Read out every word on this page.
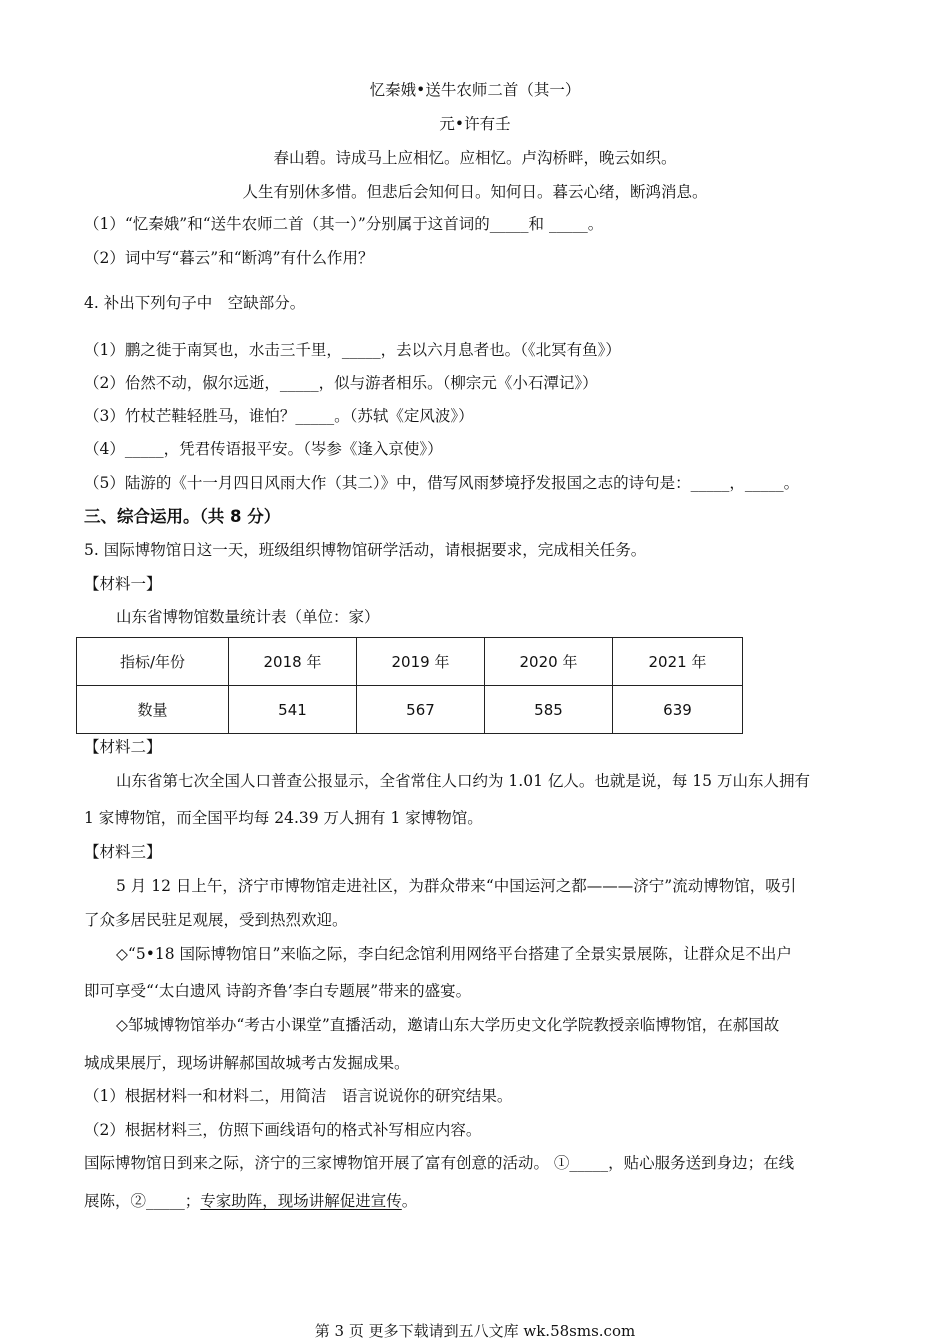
忆秦娥•送牛农师二首（其一）
元•许有壬
春山碧。诗成马上应相忆。应相忆。卢沟桥畔，晚云如织。
人生有别休多惜。但悲后会知何日。知何日。暮云心绪，断鸿消息。
（1）“忆秦娥”和“送牛农师二首（其一）”分别属于这首词的_____和 _____。
（2）词中写“暮云”和“断鸿”有什么作用？
4. 补出下列句子中　空缺部分。
（1）鹏之徙于南冥也，水击三千里，_____，去以六月息者也。（《北冥有鱼》）
（2）佁然不动，俶尔远逝，_____，似与游者相乐。（柳宗元《小石潭记》）
（3）竹杖芒鞋轻胜马，谁怕？_____。（苏轼《定风波》）
（4）_____，凭君传语报平安。（岑参《逢入京使》）
（5）陆游的《十一月四日风雨大作（其二）》中，借写风雨梦境抒发报国之志的诗句是：_____，_____。
三、综合运用。（共 8 分）
5. 国际博物馆日这一天，班级组织博物馆研学活动，请根据要求，完成相关任务。
【材料一】
山东省博物馆数量统计表（单位：家）
指标/年份	2018 年	2019 年	2020 年	2021 年
数量	541	567	585	639
【材料二】
山东省第七次全国人口普查公报显示，全省常住人口约为 1.01 亿人。也就是说，每 15 万山东人拥有
1 家博物馆，而全国平均每 24.39 万人拥有 1 家博物馆。
【材料三】
5 月 12 日上午，济宁市博物馆走进社区，为群众带来“中国运河之都———济宁”流动博物馆，吸引
了众多居民驻足观展，受到热烈欢迎。
◇“5•18 国际博物馆日”来临之际，李白纪念馆利用网络平台搭建了全景实景展陈，让群众足不出户
即可享受“‘太白遗风 诗韵齐鲁’李白专题展”带来的盛宴。
◇邹城博物馆举办“考古小课堂”直播活动，邀请山东大学历史文化学院教授亲临博物馆，在郝国故
城成果展厅，现场讲解郝国故城考古发掘成果。
（1）根据材料一和材料二，用简洁　语言说说你的研究结果。
（2）根据材料三，仿照下画线语句的格式补写相应内容。
国际博物馆日到来之际，济宁的三家博物馆开展了富有创意的活动。 ①_____，贴心服务送到身边；在线
展陈，②_____；专家助阵，现场讲解促进宣传。
第 3 页 更多下载请到五八文库 wk.58sms.com
